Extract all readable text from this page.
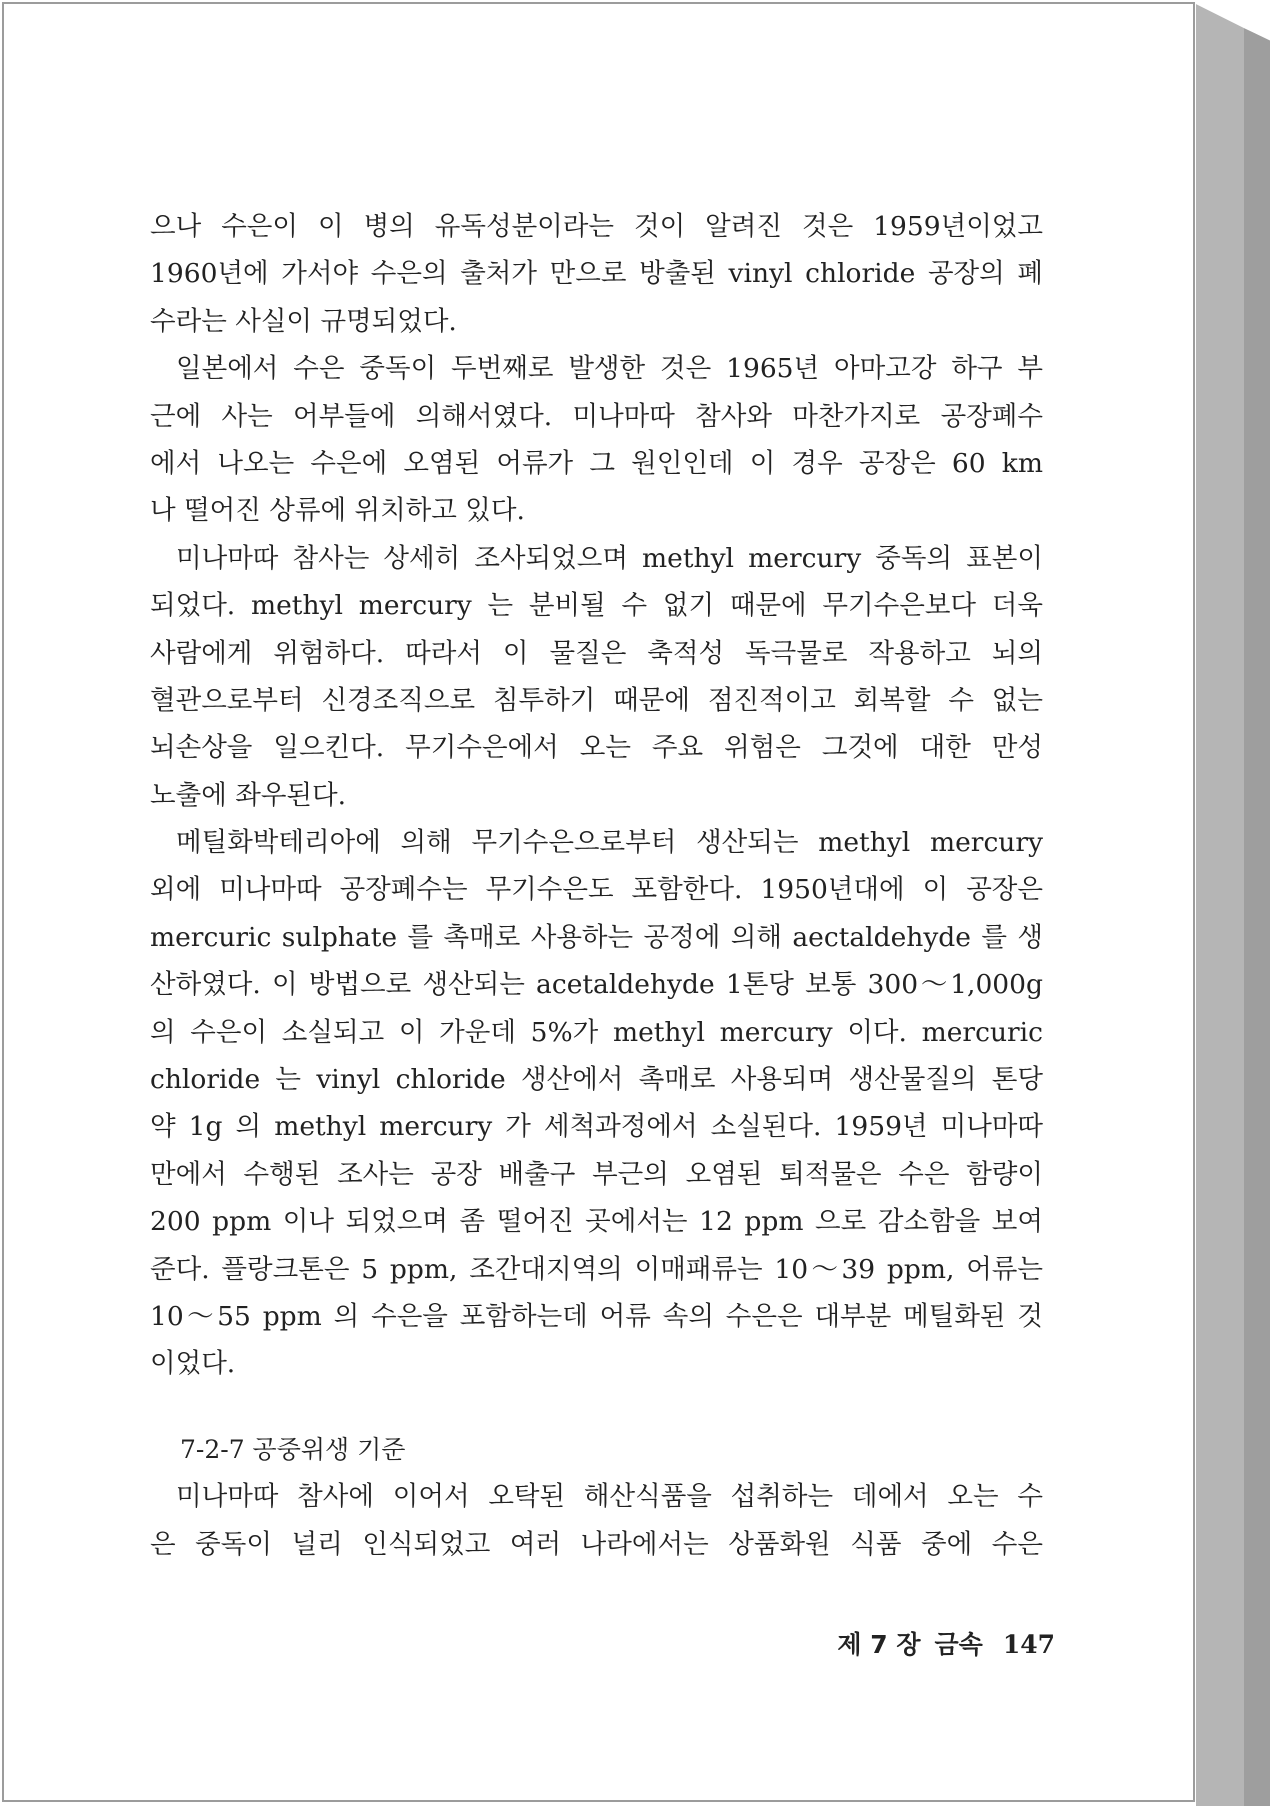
으나 수은이 이 병의 유독성분이라는 것이 알려진 것은 1959년이었고
1960년에 가서야 수은의 출처가 만으로 방출된 vinyl chloride 공장의 폐
수라는 사실이 규명되었다.
일본에서 수은 중독이 두번째로 발생한 것은 1965년 아마고강 하구 부
근에 사는 어부들에 의해서였다. 미나마따 참사와 마찬가지로 공장폐수
에서 나오는 수은에 오염된 어류가 그 원인인데 이 경우 공장은 60 km
나 떨어진 상류에 위치하고 있다.
미나마따 참사는 상세히 조사되었으며 methyl mercury 중독의 표본이
되었다. methyl mercury 는 분비될 수 없기 때문에 무기수은보다 더욱
사람에게 위험하다. 따라서 이 물질은 축적성 독극물로 작용하고 뇌의
혈관으로부터 신경조직으로 침투하기 때문에 점진적이고 회복할 수 없는
뇌손상을 일으킨다. 무기수은에서 오는 주요 위험은 그것에 대한 만성
노출에 좌우된다.
메틸화박테리아에 의해 무기수은으로부터 생산되는 methyl mercury
외에 미나마따 공장폐수는 무기수은도 포함한다. 1950년대에 이 공장은
mercuric sulphate 를 촉매로 사용하는 공정에 의해 aectaldehyde 를 생
산하였다. 이 방법으로 생산되는 acetaldehyde 1톤당 보통 300～1,000g
의 수은이 소실되고 이 가운데 5%가 methyl mercury 이다. mercuric
chloride 는 vinyl chloride 생산에서 촉매로 사용되며 생산물질의 톤당
약 1g 의 methyl mercury 가 세척과정에서 소실된다. 1959년 미나마따
만에서 수행된 조사는 공장 배출구 부근의 오염된 퇴적물은 수은 함량이
200 ppm 이나 되었으며 좀 떨어진 곳에서는 12 ppm 으로 감소함을 보여
준다. 플랑크톤은 5 ppm, 조간대지역의 이매패류는 10～39 ppm, 어류는
10～55 ppm 의 수은을 포함하는데 어류 속의 수은은 대부분 메틸화된 것
이었다.
7-2-7 공중위생 기준
미나마따 참사에 이어서 오탁된 해산식품을 섭취하는 데에서 오는 수
은 중독이 널리 인식되었고 여러 나라에서는 상품화원 식품 중에 수은
제 7 장 금속 147
